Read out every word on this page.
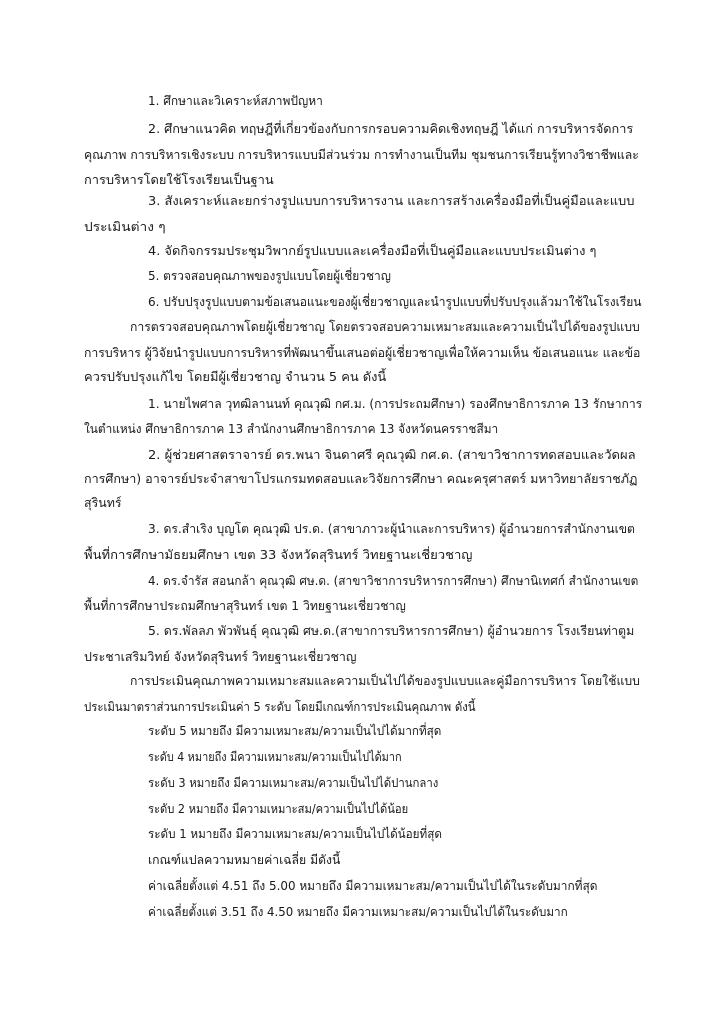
1. ศึกษาและวิเคราะห์สภาพปัญหา
2. ศึกษาแนวคิด ทฤษฎีที่เกี่ยวข้องกับการกรอบความคิดเชิงทฤษฎี ได้แก่ การบริหารจัดการ
คุณภาพ การบริหารเชิงระบบ การบริหารแบบมีส่วนร่วม การทำงานเป็นทีม ชุมชนการเรียนรู้ทางวิชาชีพและ
การบริหารโดยใช้โรงเรียนเป็นฐาน
3. สังเคราะห์และยกร่างรูปแบบการบริหารงาน และการสร้างเครื่องมือที่เป็นคู่มือและแบบ
ประเมินต่าง ๆ
4. จัดกิจกรรมประชุมวิพากย์รูปแบบและเครื่องมือที่เป็นคู่มือและแบบประเมินต่าง ๆ
5. ตรวจสอบคุณภาพของรูปแบบโดยผู้เชี่ยวชาญ
6. ปรับปรุงรูปแบบตามข้อเสนอแนะของผู้เชี่ยวชาญและนำรูปแบบที่ปรับปรุงแล้วมาใช้ในโรงเรียน
การตรวจสอบคุณภาพโดยผู้เชี่ยวชาญ โดยตรวจสอบความเหมาะสมและความเป็นไปได้ของรูปแบบ
การบริหาร ผู้วิจัยนำรูปแบบการบริหารที่พัฒนาขึ้นเสนอต่อผู้เชี่ยวชาญเพื่อให้ความเห็น ข้อเสนอแนะ และข้อ
ควรปรับปรุงแก้ไข โดยมีผู้เชี่ยวชาญ จำนวน 5 คน ดังนี้
1. นายไพศาล วุทฒิลานนท์ คุณวุฒิ กศ.ม. (การประถมศึกษา) รองศึกษาธิการภาค 13 รักษาการ
ในตำแหน่ง ศึกษาธิการภาค 13 สำนักงานศึกษาธิการภาค 13 จังหวัดนครราชสีมา
2. ผู้ช่วยศาสตราจารย์ ดร.พนา จินดาศรี คุณวุฒิ กศ.ด. (สาขาวิชาการทดสอบและวัดผล
การศึกษา) อาจารย์ประจำสาขาโปรแกรมทดสอบและวิจัยการศึกษา คณะครุศาสตร์ มหาวิทยาลัยราชภัฏ
สุรินทร์
3. ดร.สำเริง บุญโต คุณวุฒิ ปร.ด. (สาขาภาวะผู้นำและการบริหาร) ผู้อำนวยการสำนักงานเขต
พื้นที่การศึกษามัธยมศึกษา เขต 33 จังหวัดสุรินทร์ วิทยฐานะเชี่ยวชาญ
4. ดร.จำรัส สอนกล้า คุณวุฒิ ศษ.ด. (สาขาวิชาการบริหารการศึกษา) ศึกษานิเทศก์ สำนักงานเขต
พื้นที่การศึกษาประถมศึกษาสุรินทร์ เขต 1 วิทยฐานะเชี่ยวชาญ
5. ดร.พัลลภ พัวพันธุ์ คุณวุฒิ ศษ.ด.(สาขาการบริหารการศึกษา) ผู้อำนวยการ โรงเรียนท่าตูม
ประชาเสริมวิทย์ จังหวัดสุรินทร์ วิทยฐานะเชี่ยวชาญ
การประเมินคุณภาพความเหมาะสมและความเป็นไปได้ของรูปแบบและคู่มือการบริหาร โดยใช้แบบ
ประเมินมาตราส่วนการประเมินค่า 5 ระดับ โดยมีเกณฑ์การประเมินคุณภาพ ดังนี้
ระดับ 5 หมายถึง มีความเหมาะสม/ความเป็นไปได้มากที่สุด
ระดับ 4 หมายถึง มีความเหมาะสม/ความเป็นไปได้มาก
ระดับ 3 หมายถึง มีความเหมาะสม/ความเป็นไปได้ปานกลาง
ระดับ 2 หมายถึง มีความเหมาะสม/ความเป็นไปได้น้อย
ระดับ 1 หมายถึง มีความเหมาะสม/ความเป็นไปได้น้อยที่สุด
เกณฑ์แปลความหมายค่าเฉลี่ย มีดังนี้
ค่าเฉลี่ยตั้งแต่ 4.51 ถึง 5.00 หมายถึง มีความเหมาะสม/ความเป็นไปได้ในระดับมากที่สุด
ค่าเฉลี่ยตั้งแต่ 3.51 ถึง 4.50 หมายถึง มีความเหมาะสม/ความเป็นไปได้ในระดับมาก
